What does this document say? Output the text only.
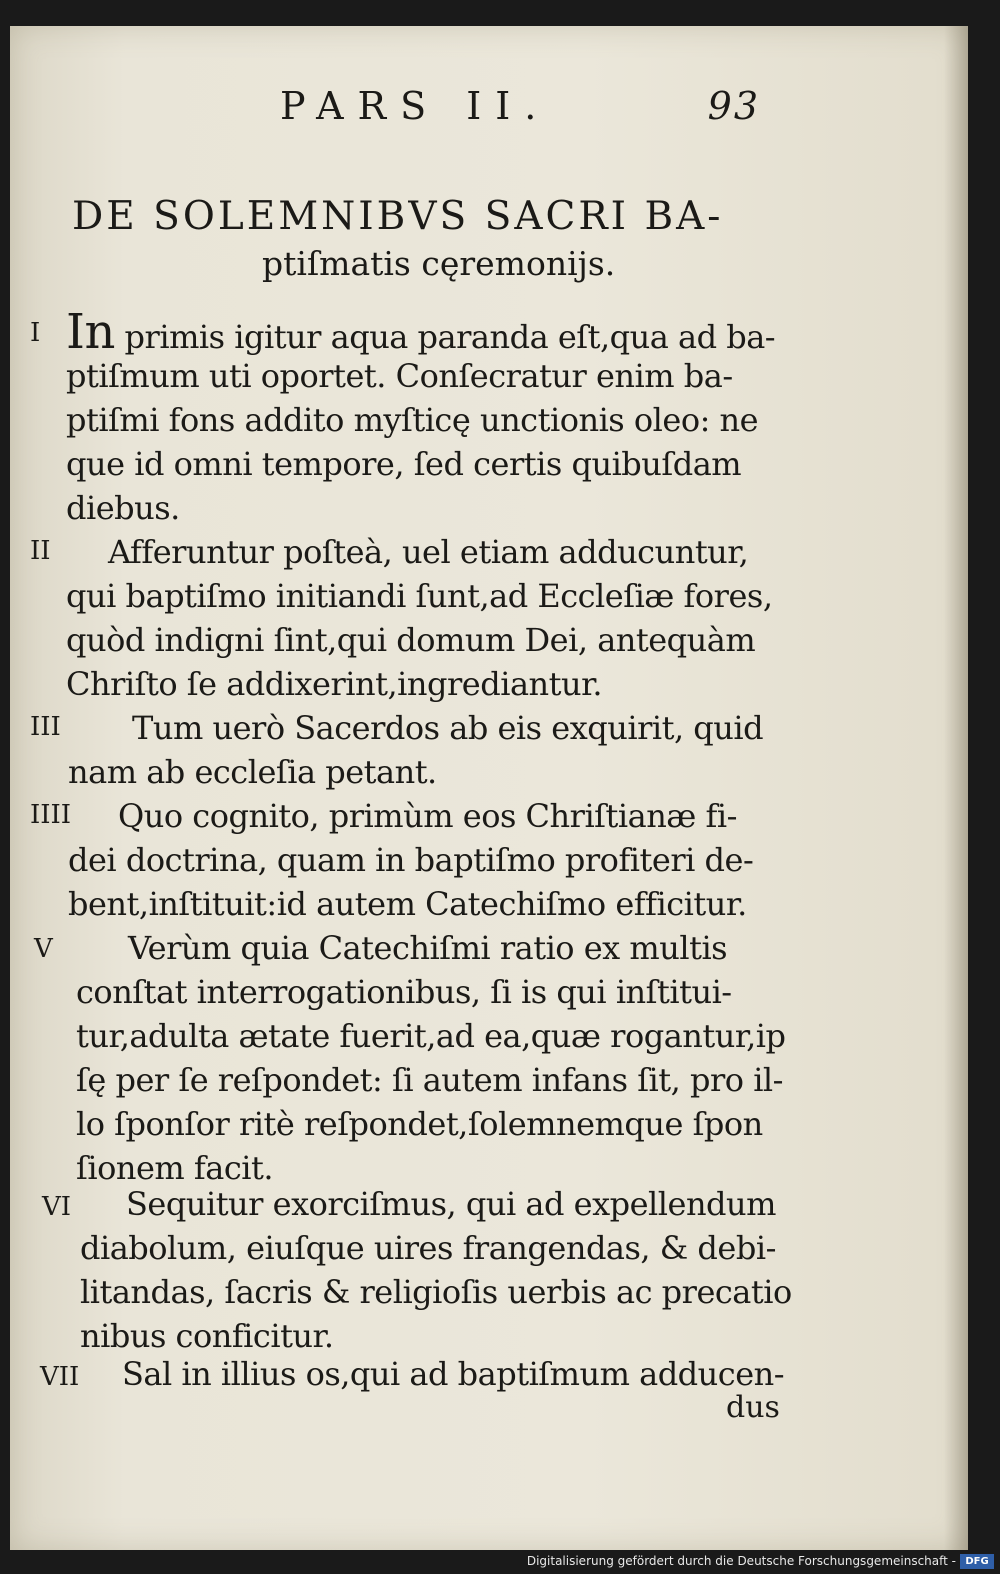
PARS II.	93
DE SOLEMNIBVS SACRI BA-
ptiſmatis cęremonijs.
I In primis igitur aqua paranda eſt,qua ad ba-
ptiſmum uti oportet. Conſecratur enim ba-
ptiſmi fons addito myſticę unctionis oleo: ne
que id omni tempore, ſed certis quibuſdam
diebus.
II Afferuntur poſteà, uel etiam adducuntur,
qui baptiſmo initiandi ſunt,ad Eccleſiæ fores,
quòd indigni ſint,qui domum Dei, antequàm
Chriſto ſe addixerint,ingrediantur.
III Tum uerò Sacerdos ab eis exquirit, quid
nam ab eccleſia petant.
IIII Quo cognito, primùm eos Chriſtianæ fi-
dei doctrina, quam in baptiſmo profiteri de-
bent,inſtituit:id autem Catechiſmo efficitur.
V Verùm quia Catechiſmi ratio ex multis
conſtat interrogationibus, ſi is qui inſtitui-
tur,adulta ætate fuerit,ad ea,quæ rogantur,ip
ſę per ſe reſpondet: ſi autem infans ſit, pro il-
lo ſponſor ritè reſpondet,ſolemnemque ſpon
ſionem facit.
VI Sequitur exorciſmus, qui ad expellendum
diabolum, eiuſque uires frangendas, & debi-
litandas, ſacris & religioſis uerbis ac precatio
nibus conficitur.
VII Sal in illius os,qui ad baptiſmum adducen-
dus
Digitalisierung gefördert durch die Deutsche Forschungsgemeinschaft - DFG
